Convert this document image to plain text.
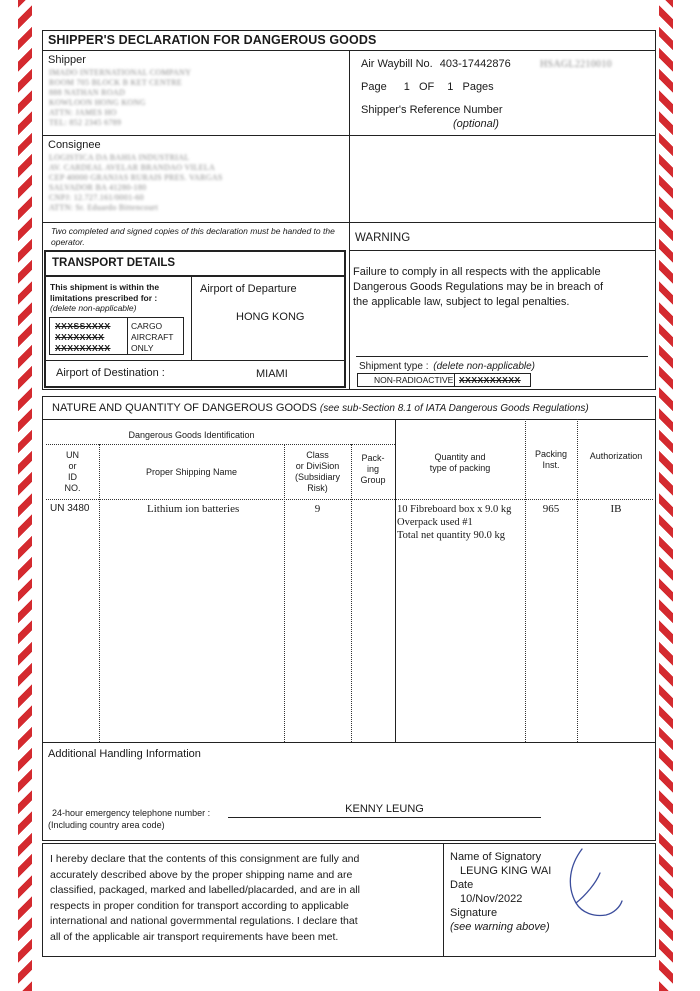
SHIPPER'S DECLARATION FOR DANGEROUS GOODS
Shipper
IMADO INTERNATIONAL COMPANY
ROOM 705 BLOCK B KET CENTRE
888 NATHAN ROAD
KOWLOON HONG KONG
ATTN: JAMES HO
TEL: 852 2345 6789
Air Waybill No. 403-17442876	HSAGL2210010
Page 1 OF 1 Pages
Shipper's Reference Number
(optional)
Consignee
LOGISTICA DA BAHIA INDUSTRIAL
AV. CARDEAL AVELAR BRANDAO VILELA
CEP 40000 GRANJAS RURAIS PRES. VARGAS
SALVADOR BA 41280-180
CNPJ: 12.727.161/0001-60
ATTN: Sr. Eduardo Bittencourt
Two completed and signed copies of this declaration must be handed to the operator.
TRANSPORT DETAILS
This shipment is within the
limitations prescribed for :
(delete non-applicable)
XXXSSXXXX
XXXXXXXX
XXXXXXXXX
CARGO
AIRCRAFT
ONLY
Airport of Departure
HONG KONG
Airport of Destination :	MIAMI
WARNING
Failure to comply in all respects with the applicable
Dangerous Goods Regulations may be in breach of
the applicable law, subject to legal penalties.
Shipment type : (delete non-applicable)
NON-RADIOACTIVE XXXXXXXXXX
NATURE AND QUANTITY OF DANGEROUS GOODS (see sub-Section 8.1 of IATA Dangerous Goods Regulations)
Dangerous Goods Identification
UN
or
ID
NO.
Proper Shipping Name
Class
or DiviSion
(Subsidiary
Risk)
Pack-
ing
Group
Quantity and
type of packing
Packing
Inst.
Authorization
UN 3480	Lithium ion batteries	9	10 Fibreboard box x 9.0 kg
Overpack used #1
Total net quantity 90.0 kg
965	IB
Additional Handling Information
24-hour emergency telephone number :
(Including country area code)
KENNY LEUNG
I hereby declare that the contents of this consignment are fully and
accurately described above by the proper shipping name and are
classified, packaged, marked and labelled/placarded, and are in all
respects in proper condition for transport according to applicable
international and national govermmental regulations. I declare that
all of the applicable air transport requirements have been met.
Name of Signatory
LEUNG KING WAI
Date
10/Nov/2022
Signature
(see warning above)
